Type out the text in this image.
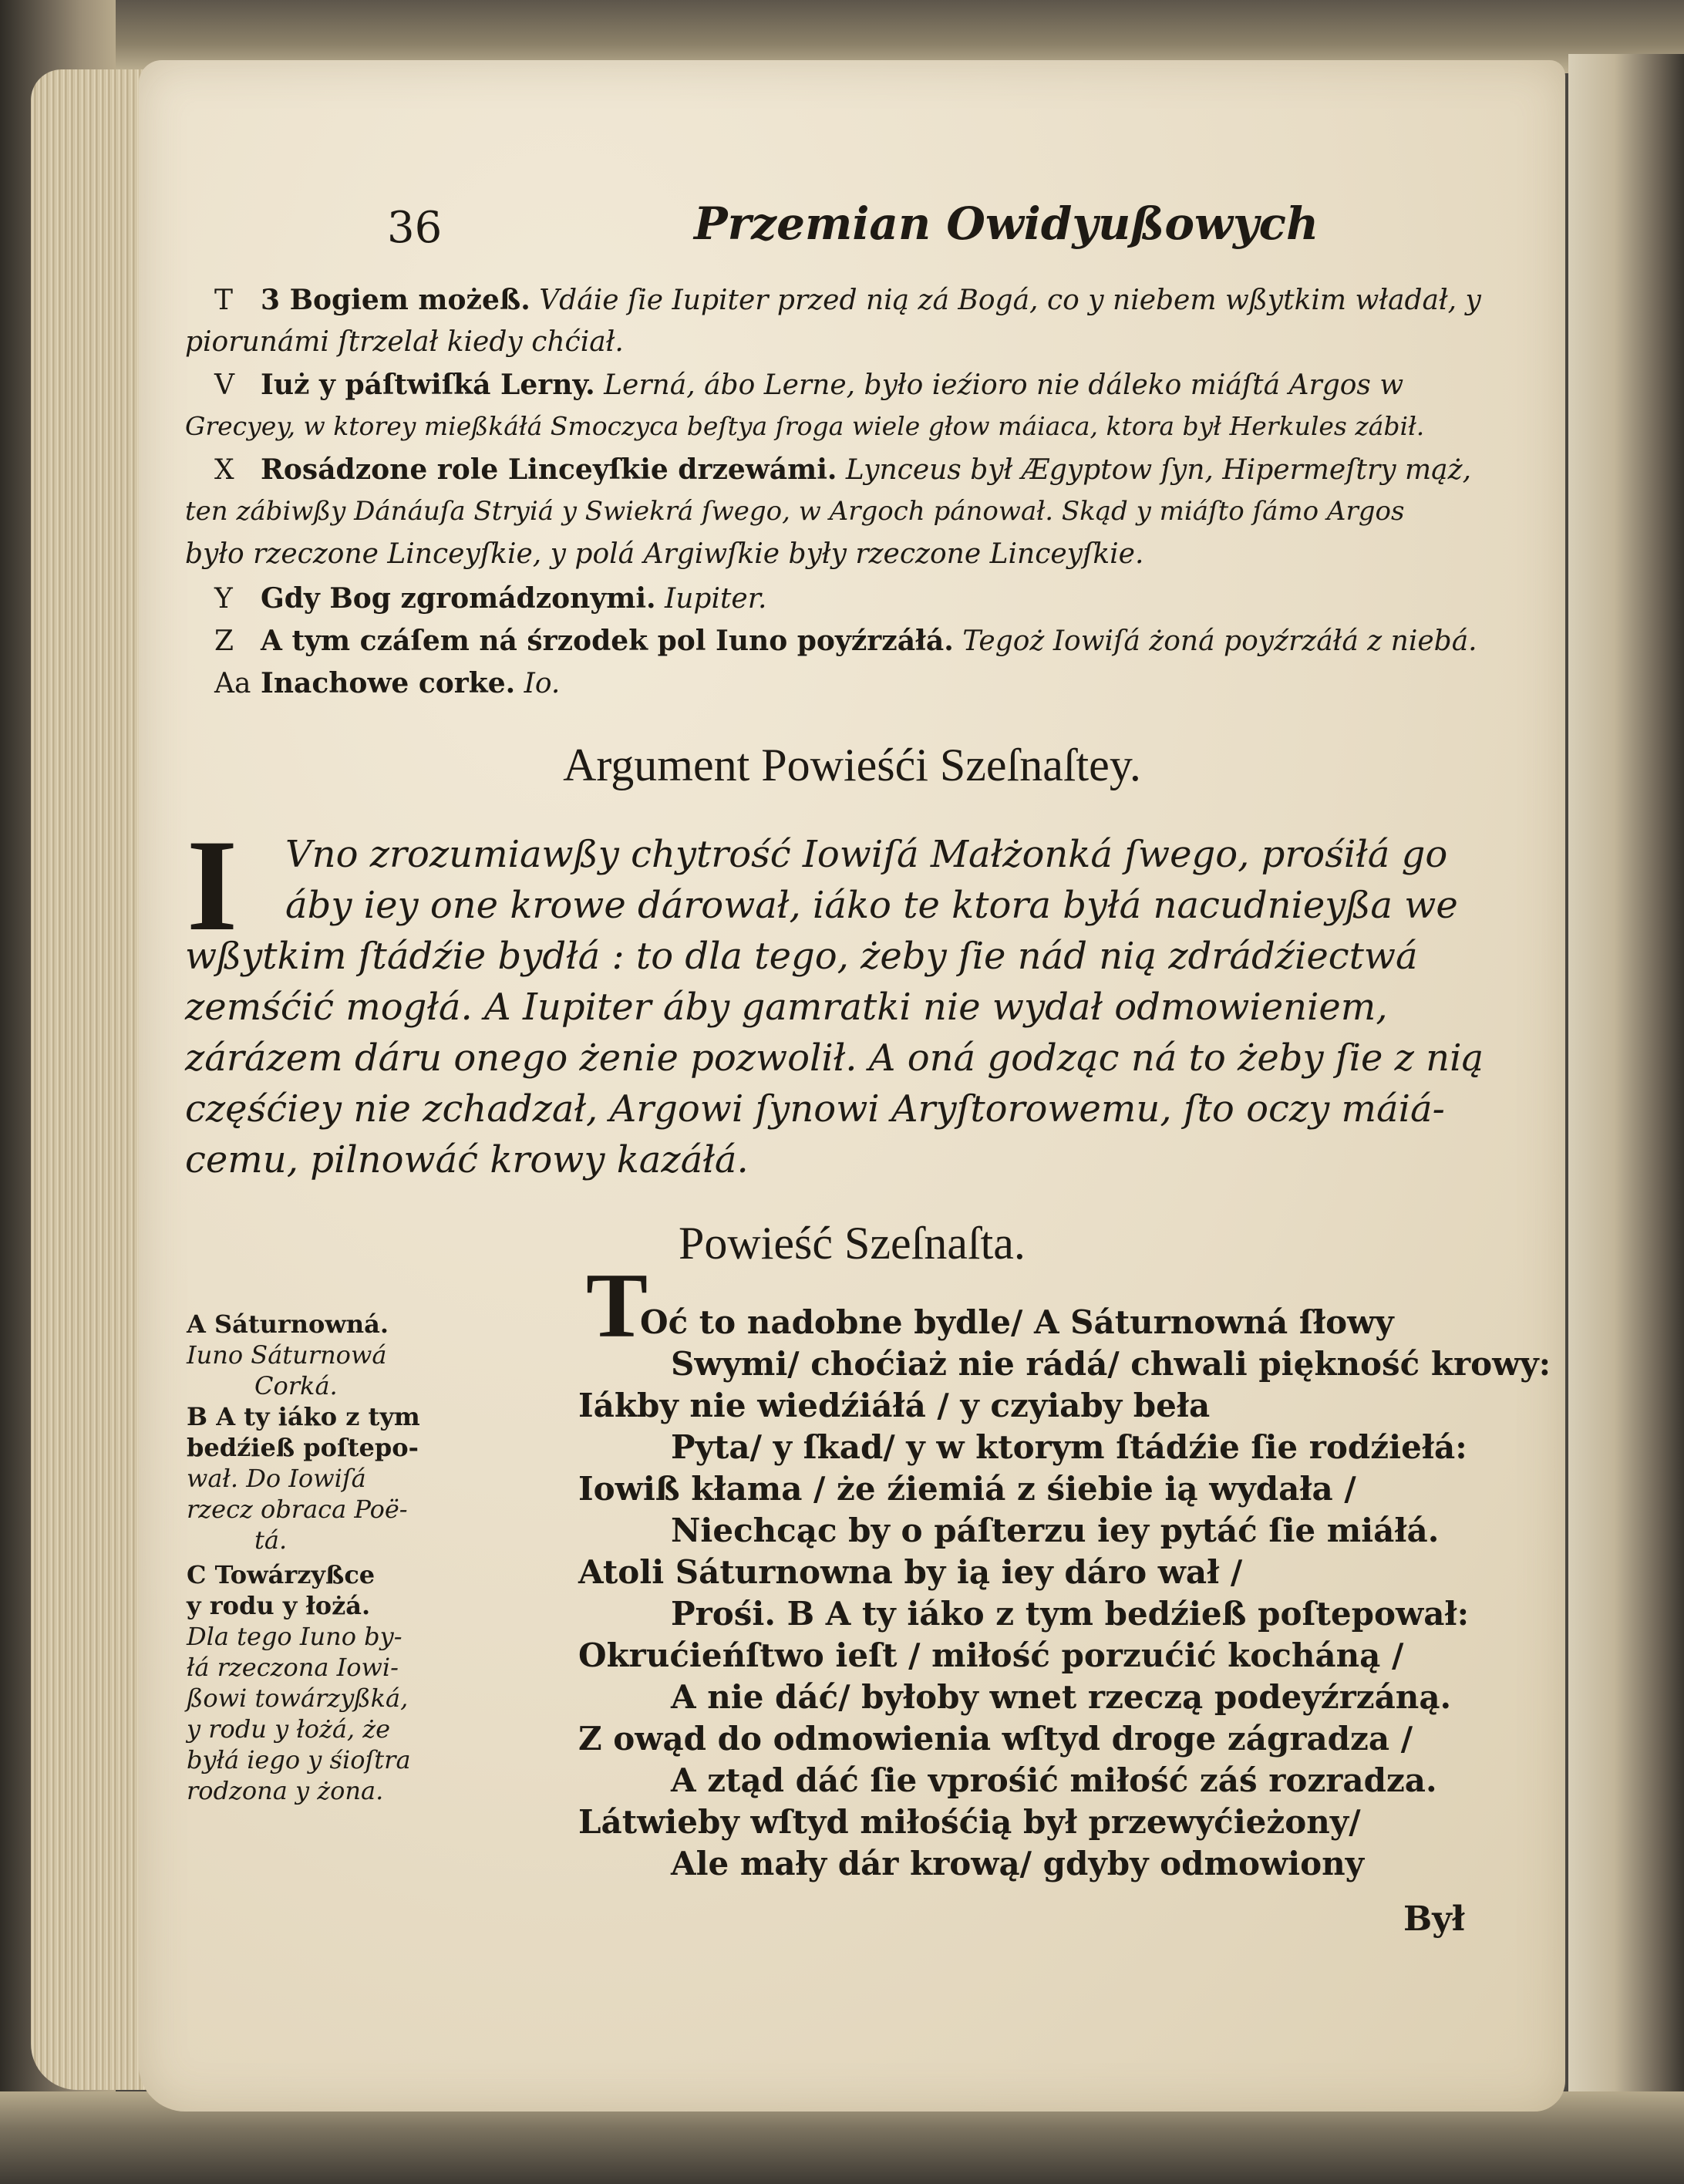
36	Przemian Owidyußowych
T 3 Bogiem możeß. Vdáie ſie Iupiter przed nią zá Bogá, co y niebem wßytkim władał, y
piorunámi ſtrzelał kiedy chćiał.
V Iuż y páſtwiſká Lerny. Lerná, ábo Lerne, było ieźioro nie dáleko miáſtá Argos w
Grecyey, w ktorey mießkáłá Smoczyca beſtya ſroga wiele głow máiaca, ktora był Herkules zábił.
X Rosádzone role Linceyſkie drzewámi. Lynceus był Ægyptow ſyn, Hipermeſtry mąż,
ten zábiwßy Dánáuſa Stryiá y Swiekrá ſwego, w Argoch pánował. Skąd y miáſto ſámo Argos
było rzeczone Linceyſkie, y polá Argiwſkie były rzeczone Linceyſkie.
Y Gdy Bog zgromádzonymi. Iupiter.
Z A tym czáſem ná śrzodek pol Iuno poyźrzáłá. Tegoż Iowiſá żoná poyźrzáłá z niebá.
Aa Inachowe corke. Io.
Argument Powieśći Szeſnaſtey.
I Vno zrozumiawßy chytrość Iowiſá Małżonká ſwego, prośiłá go
áby iey one krowe dárował, iáko te ktora byłá nacudnieyßa we
wßytkim ſtádźie bydłá : to dla tego, żeby ſie nád nią zdrádźiectwá
zemśćić mogłá. A Iupiter áby gamratki nie wydał odmowieniem,
zárázem dáru onego żenie pozwolił. A oná godząc ná to żeby ſie z nią
częśćiey nie zchadzał, Argowi ſynowi Aryſtorowemu, ſto oczy máiá-
cemu, pilnowáć krowy kazáłá.
Powieść Szeſnaſta.
A Sáturnowná.
Iuno Sáturnowá
Corká.
B A ty iáko z tym
bedźieß poſtepo-
wał. Do Iowiſá
rzecz obraca Poë-
tá.
C Towárzyßce
y rodu y łożá.
Dla tego Iuno by-
łá rzeczona Iowi-
ßowi towárzyßká,
y rodu y łożá, że
byłá iego y śioſtra
rodzona y żona.
T
Oć to nadobne bydle/ A Sáturnowná ſłowy
Swymi/ choćiaż nie rádá/ chwali piękność krowy:
Iákby nie wiedźiáłá / y czyiaby beła
Pyta/ y ſkad/ y w ktorym ſtádźie ſie rodźiełá:
Iowiß kłama / że źiemiá z śiebie ią wydała /
Niechcąc by o páſterzu iey pytáć ſie miáłá.
Atoli Sáturnowna by ią iey dáro wał /
Prośi. B A ty iáko z tym bedźieß poſtepował:
Okrućieńſtwo ieſt / miłość porzućić kocháną /
A nie dáć/ byłoby wnet rzeczą podeyźrzáną.
Z owąd do odmowienia wſtyd droge zágradza /
A ztąd dáć ſie vprośić miłość záś rozradza.
Látwieby wſtyd miłośćią był przewyćieżony/
Ale mały dár krową/ gdyby odmowiony
Był
